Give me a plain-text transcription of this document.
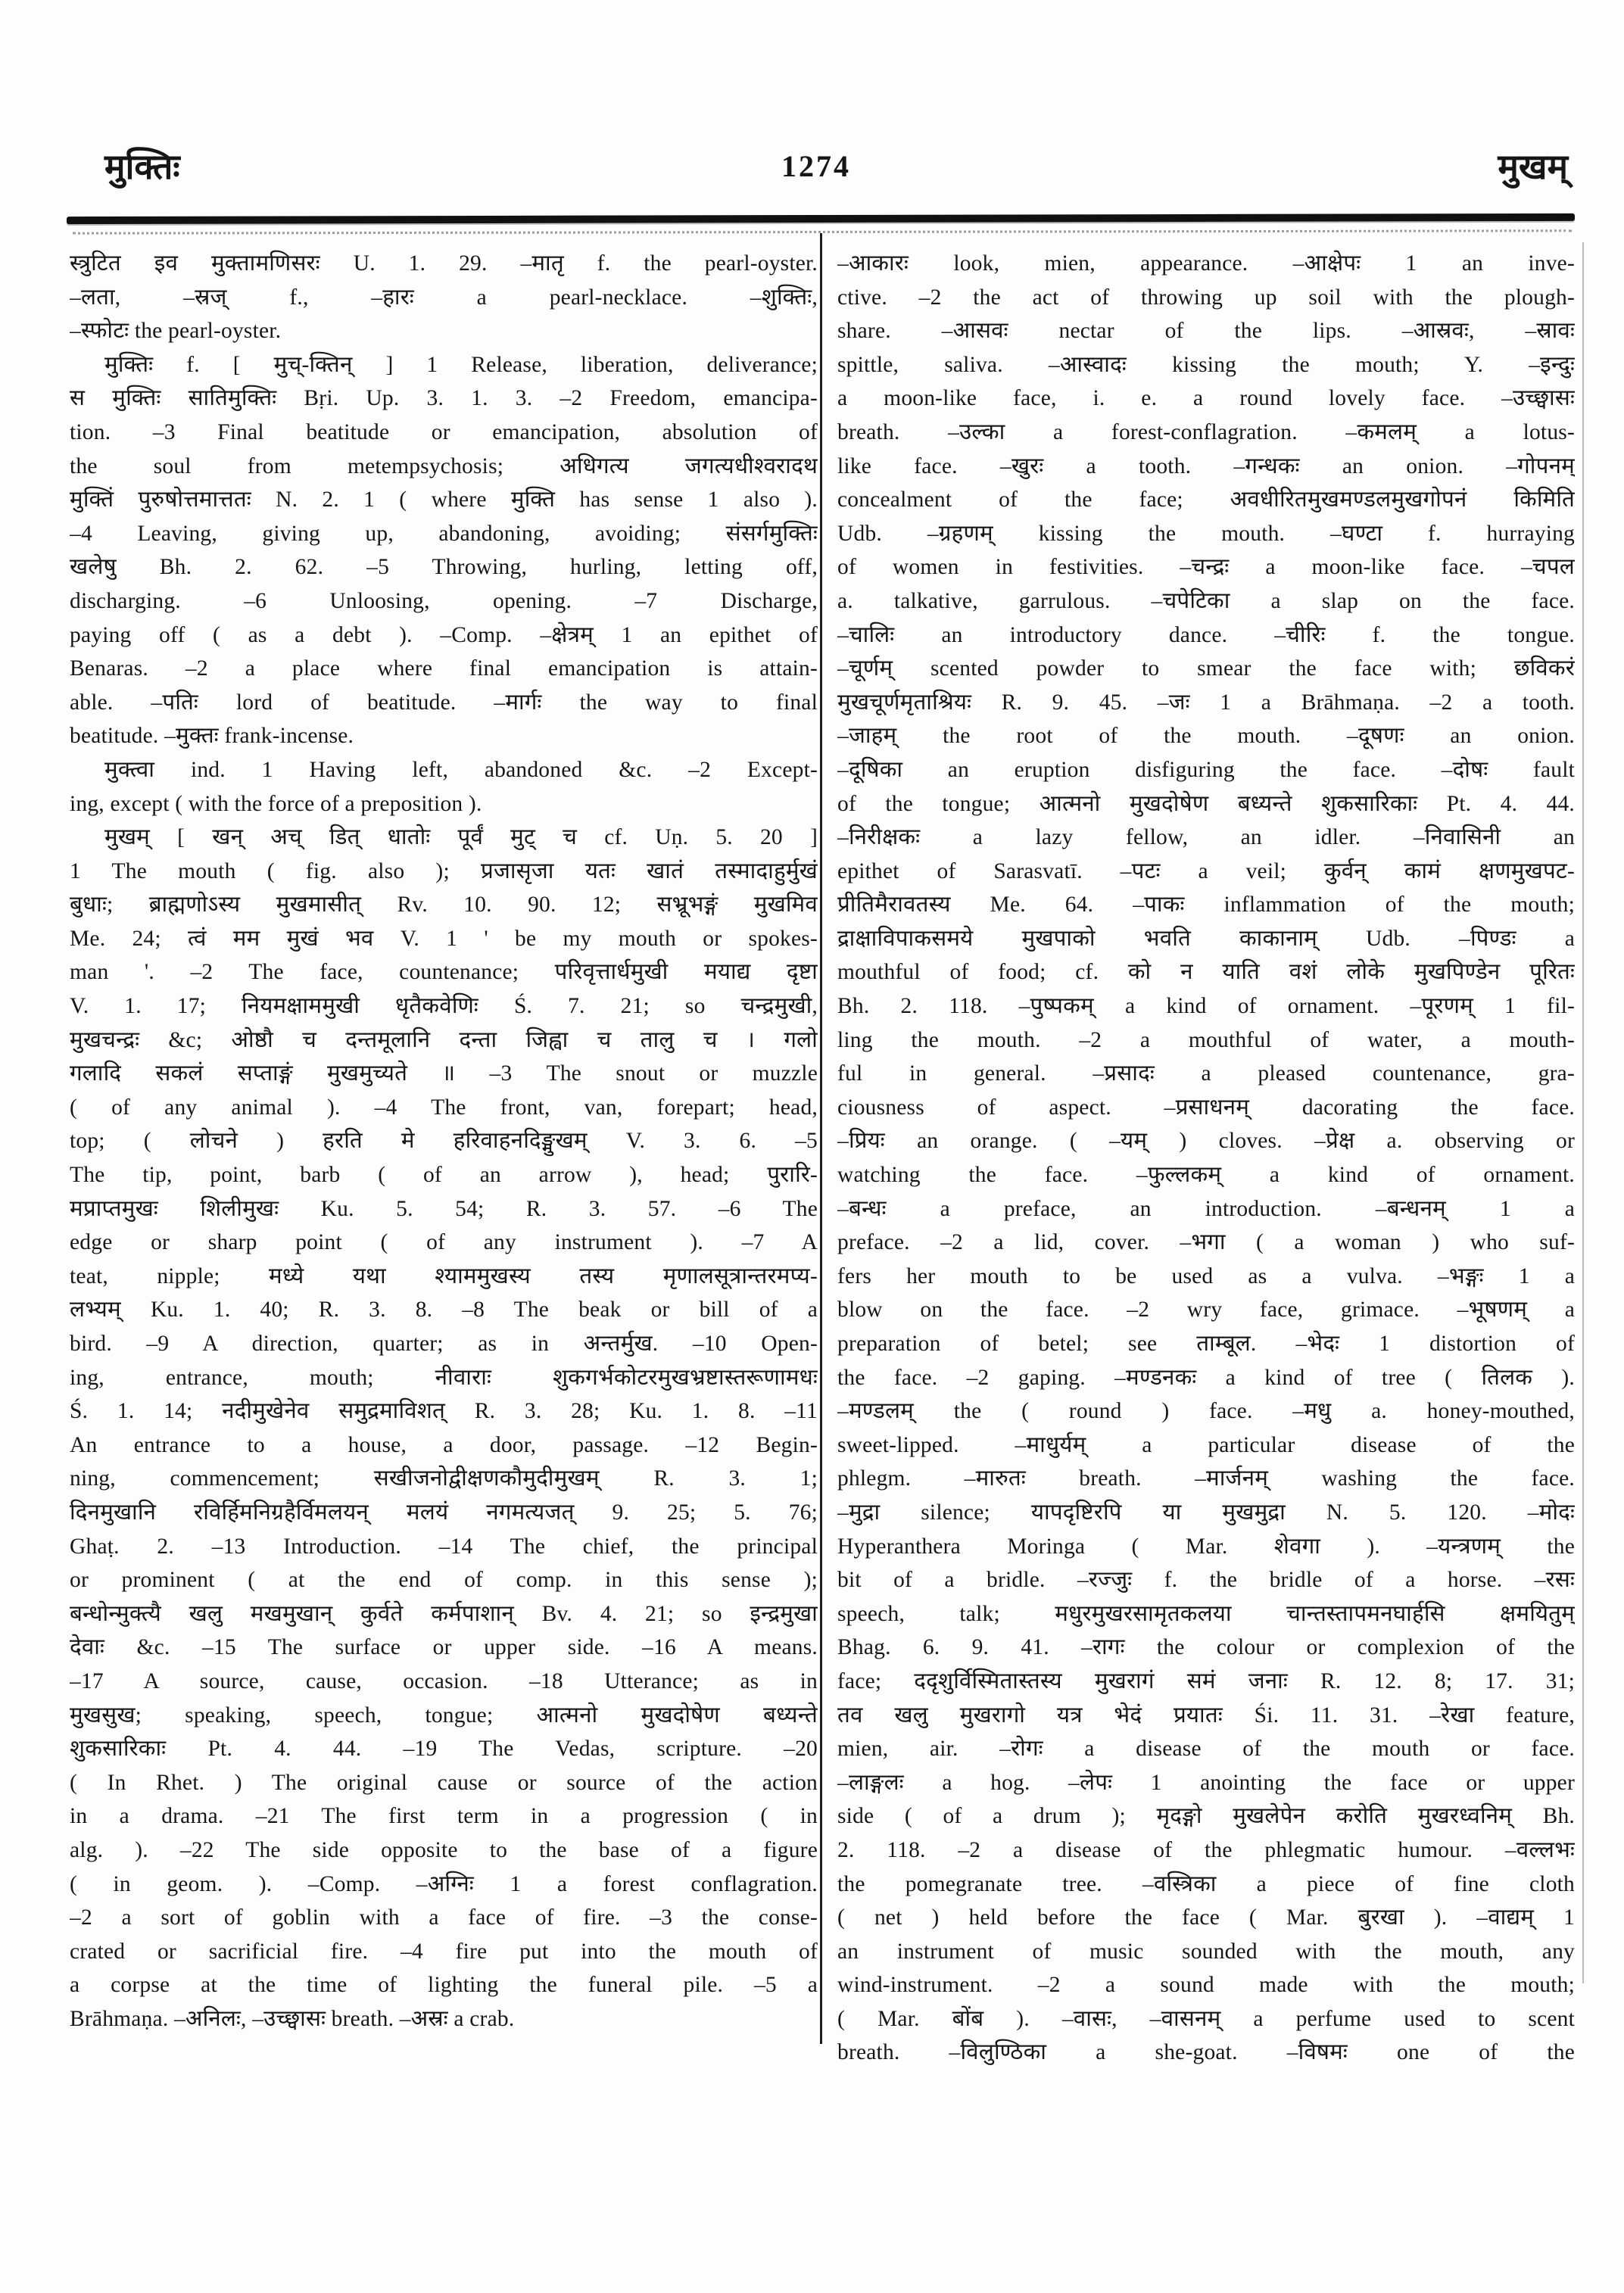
मुक्तिः	1274	मुखम्
स्त्रुटित इव मुक्तामणिसरः U. 1. 29. –मातृ f. the pearl-oyster.
–लता, –स्रज् f., –हारः a pearl-necklace. –शुक्तिः,
–स्फोटः the pearl-oyster.
मुक्तिः f. [ मुच्-क्तिन् ] 1 Release, liberation, deliverance;
स मुक्तिः सातिमुक्तिः Bṛi. Up. 3. 1. 3. –2 Freedom, emancipa-
tion. –3 Final beatitude or emancipation, absolution of
the soul from metempsychosis; अधिगत्य जगत्यधीश्वरादथ
मुक्तिं पुरुषोत्तमात्ततः N. 2. 1 ( where मुक्ति has sense 1 also ).
–4 Leaving, giving up, abandoning, avoiding; संसर्गमुक्तिः
खलेषु Bh. 2. 62. –5 Throwing, hurling, letting off,
discharging. –6 Unloosing, opening. –7 Discharge,
paying off ( as a debt ). –Comp. –क्षेत्रम् 1 an epithet of
Benaras. –2 a place where final emancipation is attain-
able. –पतिः lord of beatitude. –मार्गः the way to final
beatitude. –मुक्तः frank-incense.
मुक्त्वा ind. 1 Having left, abandoned &c. –2 Except-
ing, except ( with the force of a preposition ).
मुखम् [ खन् अच् डित् धातोः पूर्वं मुट् च cf. Uṇ. 5. 20 ]
1 The mouth ( fig. also ); प्रजासृजा यतः खातं तस्मादाहुर्मुखं
बुधाः; ब्राह्मणोऽस्य मुखमासीत् Rv. 10. 90. 12; सभ्रूभङ्गं मुखमिव
Me. 24; त्वं मम मुखं भव V. 1 ' be my mouth or spokes-
man '. –2 The face, countenance; परिवृत्तार्धमुखी मयाद्य दृष्टा
V. 1. 17; नियमक्षाममुखी धृतैकवेणिः Ś. 7. 21; so चन्द्रमुखी,
मुखचन्द्रः &c; ओष्ठौ च दन्तमूलानि दन्ता जिह्वा च तालु च । गलो
गलादि सकलं सप्ताङ्गं मुखमुच्यते ॥ –3 The snout or muzzle
( of any animal ). –4 The front, van, forepart; head,
top; ( लोचने ) हरति मे हरिवाहनदिङ्मुखम् V. 3. 6. –5
The tip, point, barb ( of an arrow ), head; पुरारि-
मप्राप्तमुखः शिलीमुखः Ku. 5. 54; R. 3. 57. –6 The
edge or sharp point ( of any instrument ). –7 A
teat, nipple; मध्ये यथा श्याममुखस्य तस्य मृणालसूत्रान्तरमप्य-
लभ्यम् Ku. 1. 40; R. 3. 8. –8 The beak or bill of a
bird. –9 A direction, quarter; as in अन्तर्मुख. –10 Open-
ing, entrance, mouth; नीवाराः शुकगर्भकोटरमुखभ्रष्टास्तरूणामधः
Ś. 1. 14; नदीमुखेनेव समुद्रमाविशत् R. 3. 28; Ku. 1. 8. –11
An entrance to a house, a door, passage. –12 Begin-
ning, commencement; सखीजनोद्वीक्षणकौमुदीमुखम् R. 3. 1;
दिनमुखानि रविर्हिमनिग्रहैर्विमलयन् मलयं नगमत्यजत् 9. 25; 5. 76;
Ghaṭ. 2. –13 Introduction. –14 The chief, the principal
or prominent ( at the end of comp. in this sense );
बन्धोन्मुक्त्यै खलु मखमुखान् कुर्वते कर्मपाशान् Bv. 4. 21; so इन्द्रमुखा
देवाः &c. –15 The surface or upper side. –16 A means.
–17 A source, cause, occasion. –18 Utterance; as in
मुखसुख; speaking, speech, tongue; आत्मनो मुखदोषेण बध्यन्ते
शुकसारिकाः Pt. 4. 44. –19 The Vedas, scripture. –20
( In Rhet. ) The original cause or source of the action
in a drama. –21 The first term in a progression ( in
alg. ). –22 The side opposite to the base of a figure
( in geom. ). –Comp. –अग्निः 1 a forest conflagration.
–2 a sort of goblin with a face of fire. –3 the conse-
crated or sacrificial fire. –4 fire put into the mouth of
a corpse at the time of lighting the funeral pile. –5 a
Brāhmaṇa. –अनिलः, –उच्छ्वासः breath. –अस्रः a crab.
–आकारः look, mien, appearance. –आक्षेपः 1 an inve-
ctive. –2 the act of throwing up soil with the plough-
share. –आसवः nectar of the lips. –आस्रवः, –स्रावः
spittle, saliva. –आस्वादः kissing the mouth; Y. –इन्दुः
a moon-like face, i. e. a round lovely face. –उच्छ्वासः
breath. –उल्का a forest-conflagration. –कमलम् a lotus-
like face. –खुरः a tooth. –गन्धकः an onion. –गोपनम्
concealment of the face; अवधीरितमुखमण्डलमुखगोपनं किमिति
Udb. –ग्रहणम् kissing the mouth. –घण्टा f. hurraying
of women in festivities. –चन्द्रः a moon-like face. –चपल
a. talkative, garrulous. –चपेटिका a slap on the face.
–चालिः an introductory dance. –चीरिः f. the tongue.
–चूर्णम् scented powder to smear the face with; छविकरं
मुखचूर्णमृताश्रियः R. 9. 45. –जः 1 a Brāhmaṇa. –2 a tooth.
–जाहम् the root of the mouth. –दूषणः an onion.
–दूषिका an eruption disfiguring the face. –दोषः fault
of the tongue; आत्मनो मुखदोषेण बध्यन्ते शुकसारिकाः Pt. 4. 44.
–निरीक्षकः a lazy fellow, an idler. –निवासिनी an
epithet of Sarasvatī. –पटः a veil; कुर्वन् कामं क्षणमुखपट-
प्रीतिमैरावतस्य Me. 64. –पाकः inflammation of the mouth;
द्राक्षाविपाकसमये मुखपाको भवति काकानाम् Udb. –पिण्डः a
mouthful of food; cf. को न याति वशं लोके मुखपिण्डेन पूरितः
Bh. 2. 118. –पुष्पकम् a kind of ornament. –पूरणम् 1 fil-
ling the mouth. –2 a mouthful of water, a mouth-
ful in general. –प्रसादः a pleased countenance, gra-
ciousness of aspect. –प्रसाधनम् dacorating the face.
–प्रियः an orange. ( –यम् ) cloves. –प्रेक्ष a. observing or
watching the face. –फुल्लकम् a kind of ornament.
–बन्धः a preface, an introduction. –बन्धनम् 1 a
preface. –2 a lid, cover. –भगा ( a woman ) who suf-
fers her mouth to be used as a vulva. –भङ्गः 1 a
blow on the face. –2 wry face, grimace. –भूषणम् a
preparation of betel; see ताम्बूल. –भेदः 1 distortion of
the face. –2 gaping. –मण्डनकः a kind of tree ( तिलक ).
–मण्डलम् the ( round ) face. –मधु a. honey-mouthed,
sweet-lipped. –माधुर्यम् a particular disease of the
phlegm. –मारुतः breath. –मार्जनम् washing the face.
–मुद्रा silence; यापदृष्टिरपि या मुखमुद्रा N. 5. 120. –मोदः
Hyperanthera Moringa ( Mar. शेवगा ). –यन्त्रणम् the
bit of a bridle. –रज्जुः f. the bridle of a horse. –रसः
speech, talk; मधुरमुखरसामृतकलया चान्तस्तापमनघार्हसि क्षमयितुम्
Bhag. 6. 9. 41. –रागः the colour or complexion of the
face; ददृशुर्विस्मितास्तस्य मुखरागं समं जनाः R. 12. 8; 17. 31;
तव खलु मुखरागो यत्र भेदं प्रयातः Śi. 11. 31. –रेखा feature,
mien, air. –रोगः a disease of the mouth or face.
–लाङ्गलः a hog. –लेपः 1 anointing the face or upper
side ( of a drum ); मृदङ्गो मुखलेपेन करोति मुखरध्वनिम् Bh.
2. 118. –2 a disease of the phlegmatic humour. –वल्लभः
the pomegranate tree. –वस्त्रिका a piece of fine cloth
( net ) held before the face ( Mar. बुरखा ). –वाद्यम् 1
an instrument of music sounded with the mouth, any
wind-instrument. –2 a sound made with the mouth;
( Mar. बोंब ). –वासः, –वासनम् a perfume used to scent
breath. –विलुण्ठिका a she-goat. –विषमः one of the
